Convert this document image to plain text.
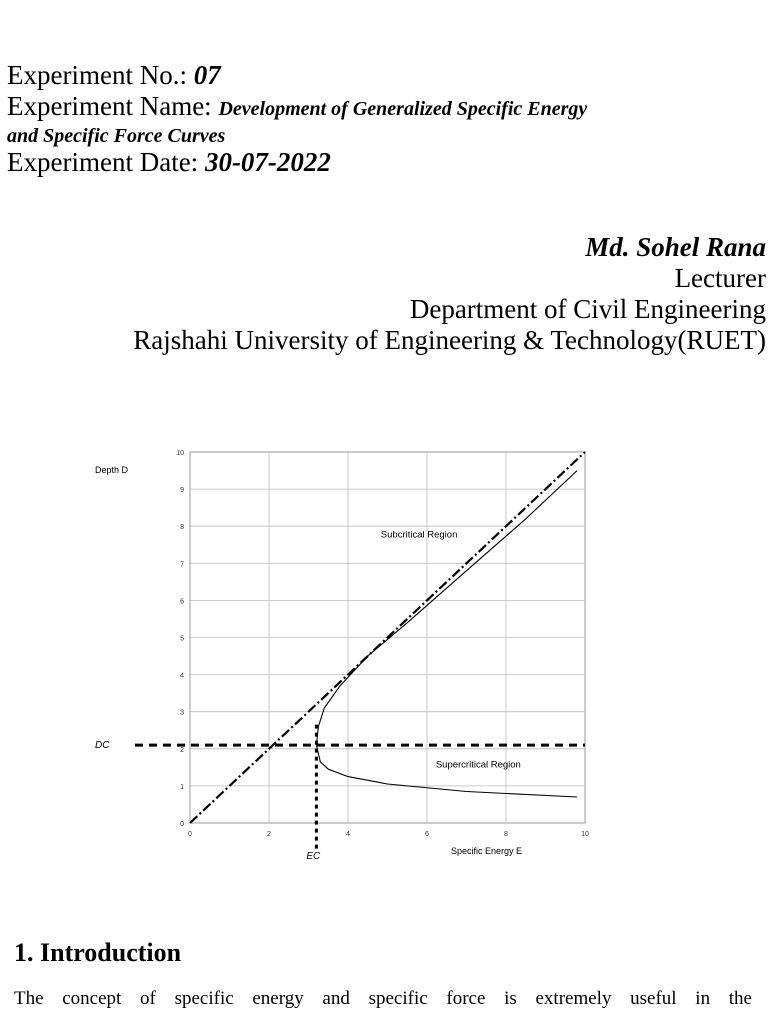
Experiment No.: 07
Experiment Name: Development of Generalized Specific Energy
and Specific Force Curves
Experiment Date: 30-07-2022
Md. Sohel Rana
Lecturer
Department of Civil Engineering
Rajshahi University of Engineering & Technology(RUET)
0
1
2
3
4
5
6
7
8
9
10
0	2	4	6	8	10
Depth D
Specific Energy E
Subcritical Region
Supercritical Region
DC
EC
1. Introduction

The concept of specific energy and specific force is extremely useful in the
